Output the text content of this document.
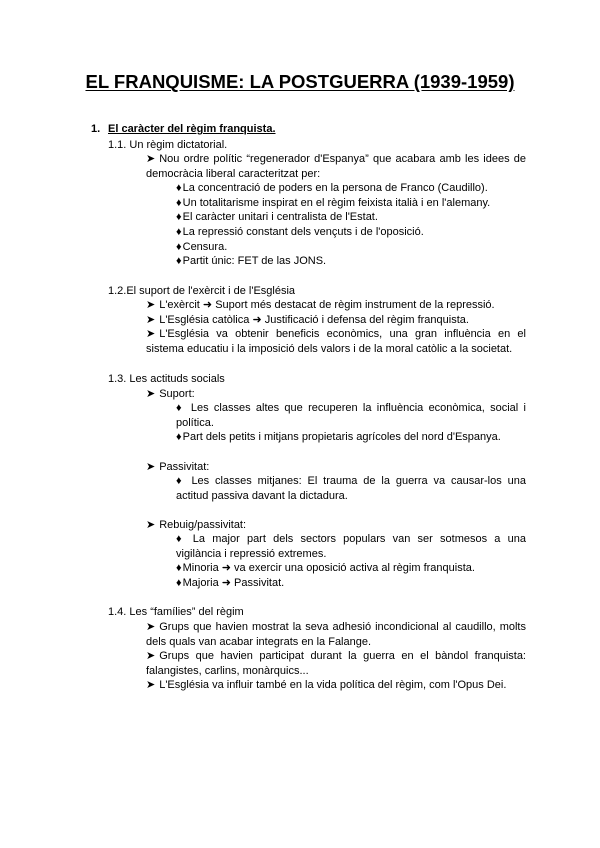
EL FRANQUISME: LA POSTGUERRA (1939-1959)
1. El caràcter del règim franquista.
1.1. Un règim dictatorial.
➤ Nou ordre polític “regenerador d'Espanya” que acabara amb les idees de democràcia liberal caracteritzat per:
♦La concentració de poders en la persona de Franco (Caudillo).
♦Un totalitarisme inspirat en el règim feixista italià i en l'alemany.
♦El caràcter unitari i centralista de l'Estat.
♦La repressió constant dels vençuts i de l'oposició.
♦Censura.
♦Partit únic: FET de las JONS.
1.2.El suport de l'exèrcit i de l'Església
➤ L'exèrcit ➜ Suport més destacat de règim instrument de la repressió.
➤ L'Església catòlica ➜ Justificació i defensa del règim franquista.
➤ L'Església va obtenir beneficis econòmics, una gran influència en el sistema educatiu i la imposició dels valors i de la moral catòlic a la societat.
1.3. Les actituds socials
➤ Suport:
♦ Les classes altes que recuperen la influència econòmica, social i política.
♦Part dels petits i mitjans propietaris agrícoles del nord d'Espanya.
➤ Passivitat:
♦ Les classes mitjanes: El trauma de la guerra va causar-los una actitud passiva davant la dictadura.
➤ Rebuig/passivitat:
♦ La major part dels sectors populars van ser sotmesos a una vigilància i repressió extremes.
♦Minoria ➜ va exercir una oposició activa al règim franquista.
♦Majoria ➜ Passivitat.
1.4. Les “famílies” del règim
➤ Grups que havien mostrat la seva adhesió incondicional al caudillo, molts dels quals van acabar integrats en la Falange.
➤ Grups que havien participat durant la guerra en el bàndol franquista: falangistes, carlins, monàrquics...
➤ L'Església va influir també en la vida política del règim, com l'Opus Dei.
